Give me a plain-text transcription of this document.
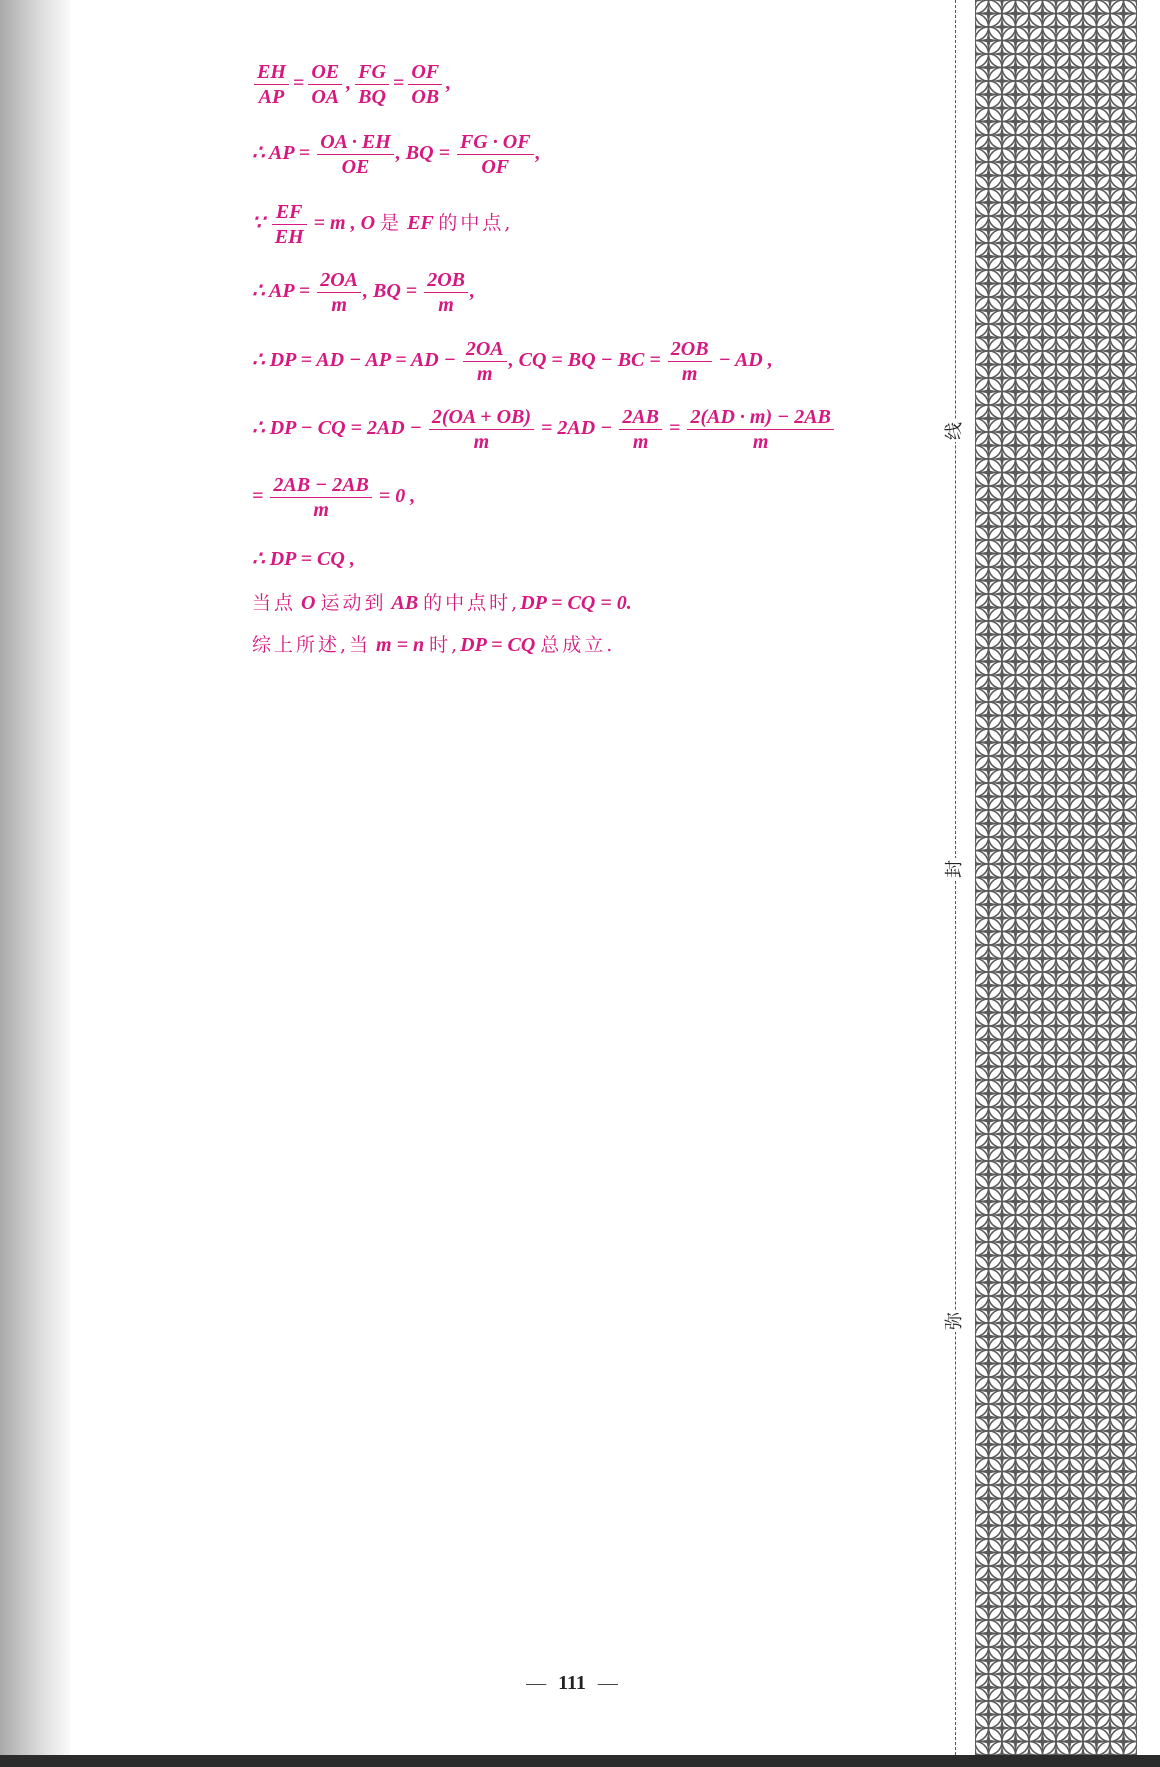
$\frac{EH}{AP} = \frac{OE}{OA}$ , $\frac{FG}{BQ} = \frac{OF}{OB}$ ,
∴ AP = $\frac{OA \cdot EH}{OE}$ , BQ = $\frac{FG \cdot OF}{OF}$ ,
∵ $\frac{EF}{EH} = m$ , O 是 EF 的中点,
∴ AP = $\frac{2OA}{m}$ , BQ = $\frac{2OB}{m}$ ,
∴ DP = AD − AP = AD − $\frac{2OA}{m}$ , CQ = BQ − BC = $\frac{2OB}{m}$ − AD ,
∴ DP − CQ = $2AD - \frac{2(OA + OB)}{m} = 2AD - \frac{2AB}{m} = \frac{2(AD \cdot m) - 2AB}{m}$
= $\frac{2AB - 2AB}{m} = 0$ ,
∴ DP = CQ ,
当点 O 运动到 AB 的中点时,DP = CQ = 0.
综上所述,当 m = n 时,DP = CQ 总成立.
线
封
弥
— 111 —
